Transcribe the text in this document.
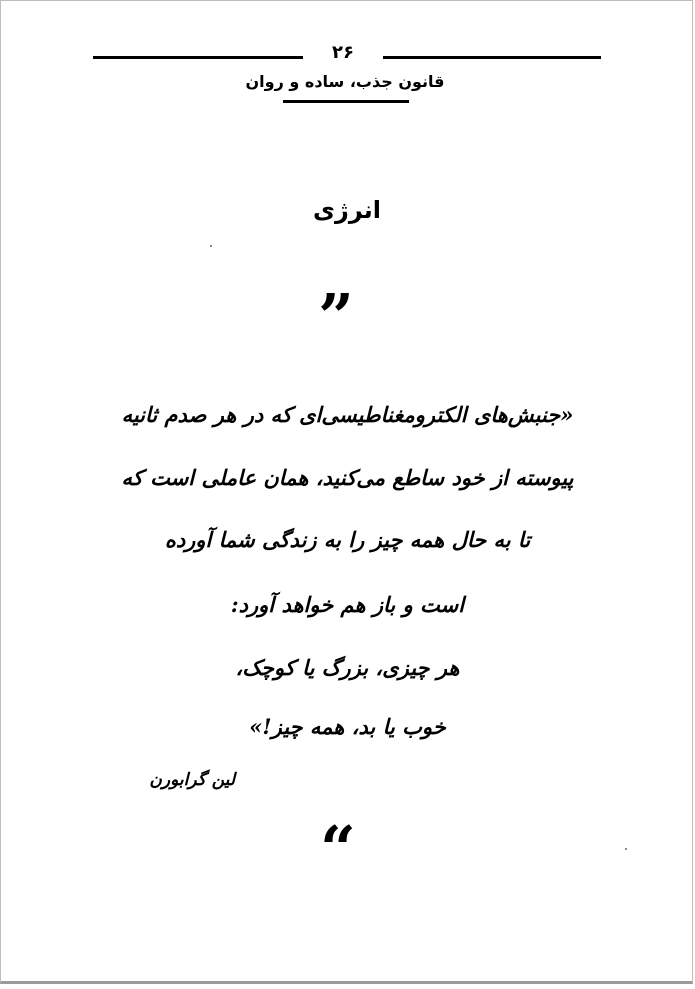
۲۶
قانون جذب، ساده و روان
انرژی
”
«جنبش‌های الکترومغناطیسی‌ای که در هر صدم ثانیه
پیوسته از خود ساطع می‌کنید، همان عاملی است که
تا به حال همه چیز را به زندگی شما آورده
است و باز هم خواهد آورد:
هر چیزی، بزرگ یا کوچک،
خوب یا بد، همه چیز!»
لین گرابورن
“
